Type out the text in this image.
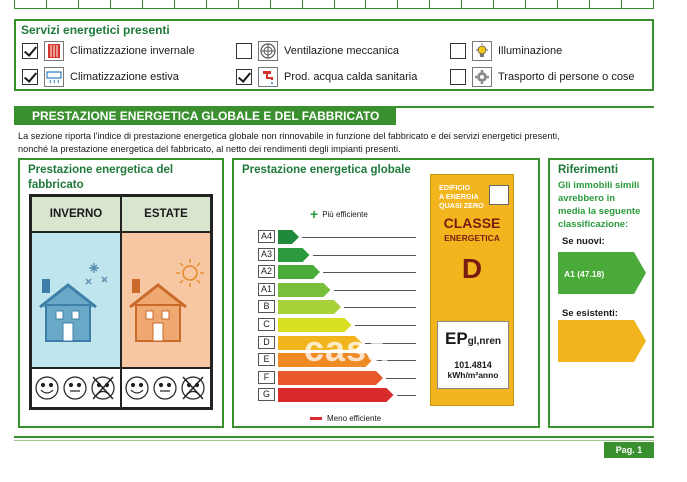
Servizi energetici presenti
Climatizzazione invernale	Ventilazione meccanica	Illuminazione
Climatizzazione estiva	Prod. acqua calda sanitaria	Trasporto di persone o cose
PRESTAZIONE ENERGETICA GLOBALE E DEL FABBRICATO
La sezione riporta l'indice di prestazione energetica globale non rinnovabile in funzione del fabbricato e dei servizi energetici presenti,
nonché la prestazione energetica del fabbricato, al netto dei rendimenti degli impianti presenti.
Prestazione energetica del
fabbricato
INVERNO	ESTATE
Prestazione energetica globale
+ Più efficiente
A4
A3
A2
A1
B
C
D
E
F
G
Meno efficiente
EDIFICIO
A ENERGIA
QUASI ZERO
CLASSE
ENERGETICA
D
EPgl,nren
101.4814
kWh/m²anno
casa
Riferimenti
Gli immobili simili
avrebbero in
media la seguente
classificazione:
Se nuovi:
A1 (47.18)
Se esistenti:
Pag. 1
